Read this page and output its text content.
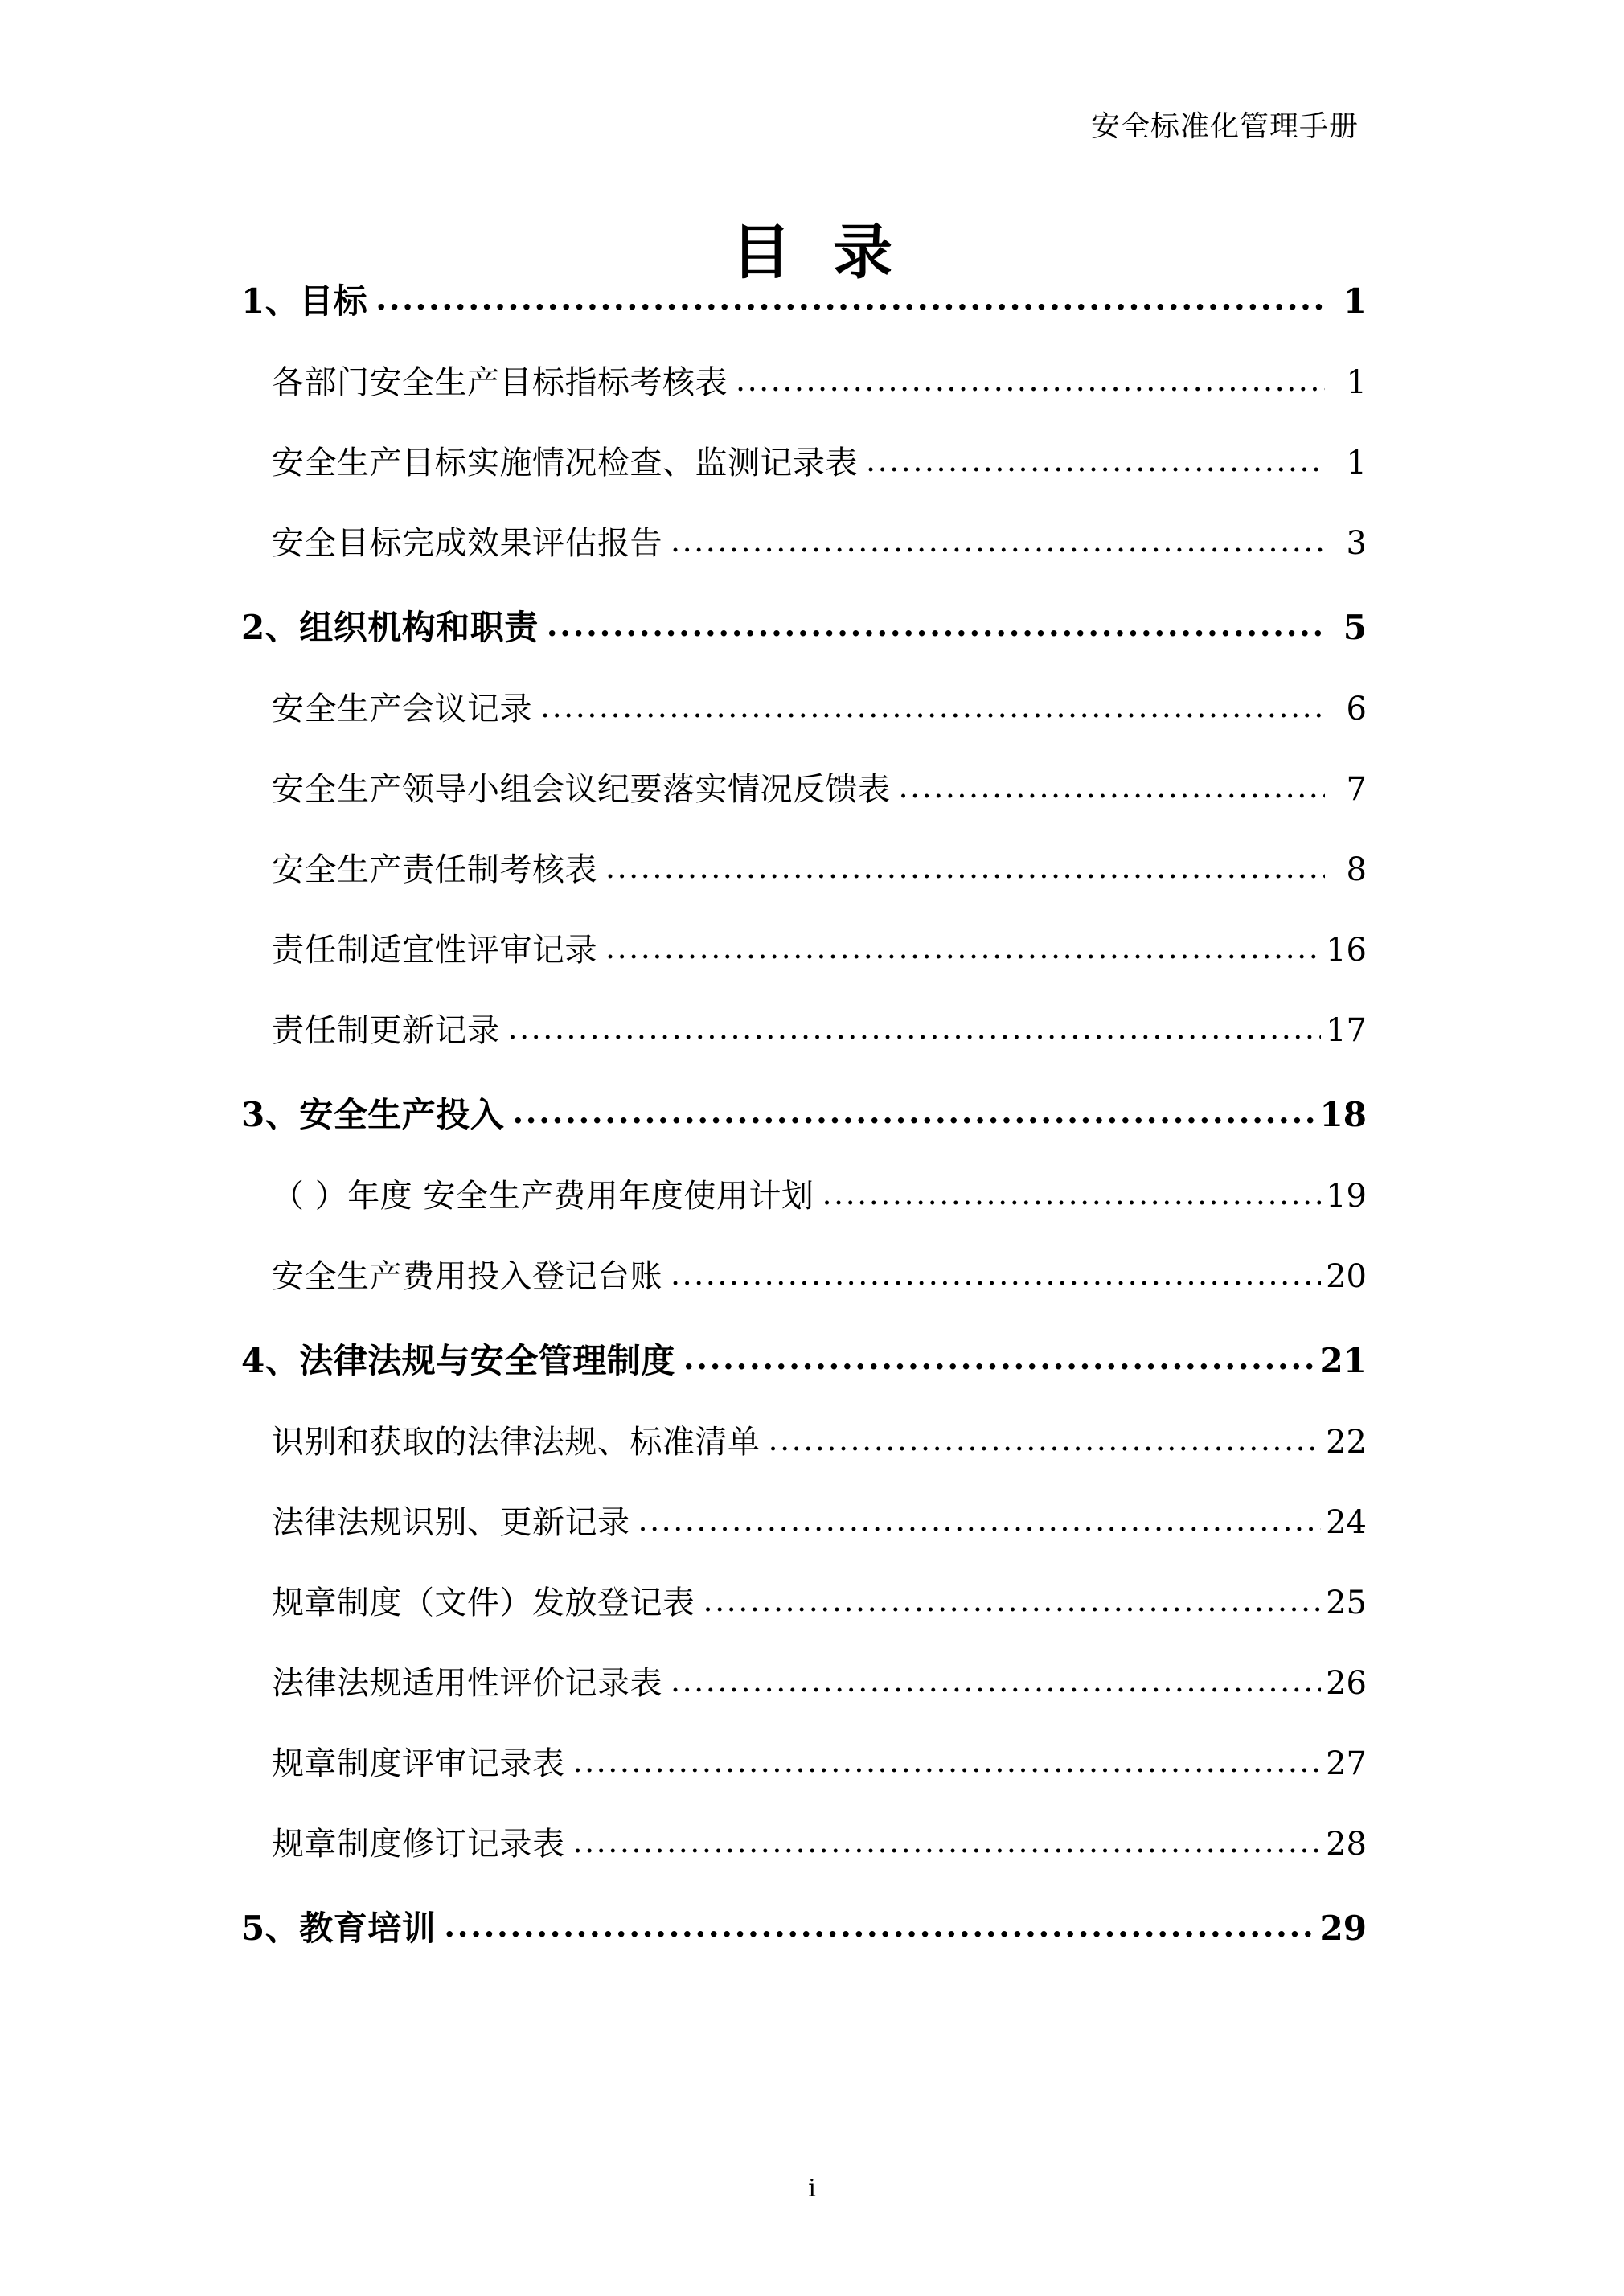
安全标准化管理手册
目 录
1、目标 .....	1
各部门安全生产目标指标考核表 .....	1
安全生产目标实施情况检查、监测记录表 .....	1
安全目标完成效果评估报告 .....	3
2、组织机构和职责 .....	5
安全生产会议记录 .....	6
安全生产领导小组会议纪要落实情况反馈表 .....	7
安全生产责任制考核表 .....	8
责任制适宜性评审记录 .....	16
责任制更新记录 .....	17
3、安全生产投入 .....	18
（ ）年度 安全生产费用年度使用计划 .....	19
安全生产费用投入登记台账 .....	20
4、法律法规与安全管理制度 .....	21
识别和获取的法律法规、标准清单 .....	22
法律法规识别、更新记录 .....	24
规章制度（文件）发放登记表 .....	25
法律法规适用性评价记录表 .....	26
规章制度评审记录表 .....	27
规章制度修订记录表 .....	28
5、教育培训 .....	29
i
